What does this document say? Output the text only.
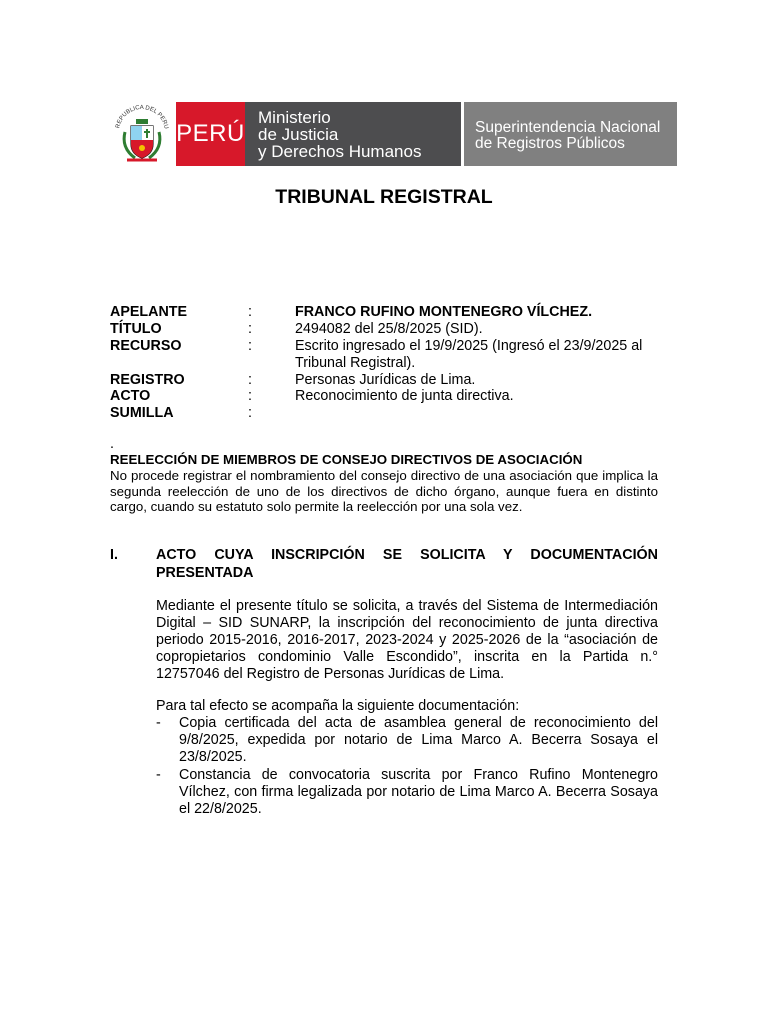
REPUBLICA DEL PERU PERÚ
Ministerio
de Justicia
y Derechos Humanos
Superintendencia Nacional
de Registros Públicos
TRIBUNAL REGISTRAL
APELANTE	:	FRANCO RUFINO MONTENEGRO VÍLCHEZ.
TÍTULO	:	2494082 del 25/8/2025 (SID).
RECURSO	:	Escrito ingresado el 19/9/2025 (Ingresó el 23/9/2025 al Tribunal Registral).
REGISTRO	:	Personas Jurídicas de Lima.
ACTO	:	Reconocimiento de junta directiva.
SUMILLA	:
.
REELECCIÓN DE MIEMBROS DE CONSEJO DIRECTIVOS DE ASOCIACIÓN
No procede registrar el nombramiento del consejo directivo de una asociación que implica la segunda reelección de uno de los directivos de dicho órgano, aunque fuera en distinto cargo, cuando su estatuto solo permite la reelección por una sola vez.
I.	ACTO CUYA INSCRIPCIÓN SE SOLICITA Y DOCUMENTACIÓN PRESENTADA
Mediante el presente título se solicita, a través del Sistema de Intermediación Digital – SID SUNARP, la inscripción del reconocimiento de junta directiva periodo 2015-2016, 2016-2017, 2023-2024 y 2025-2026 de la “asociación de copropietarios condominio Valle Escondido”, inscrita en la Partida n.° 12757046 del Registro de Personas Jurídicas de Lima.
Para tal efecto se acompaña la siguiente documentación:
- Copia certificada del acta de asamblea general de reconocimiento del 9/8/2025, expedida por notario de Lima Marco A. Becerra Sosaya el 23/8/2025.
- Constancia de convocatoria suscrita por Franco Rufino Montenegro Vílchez, con firma legalizada por notario de Lima Marco A. Becerra Sosaya el 22/8/2025.
